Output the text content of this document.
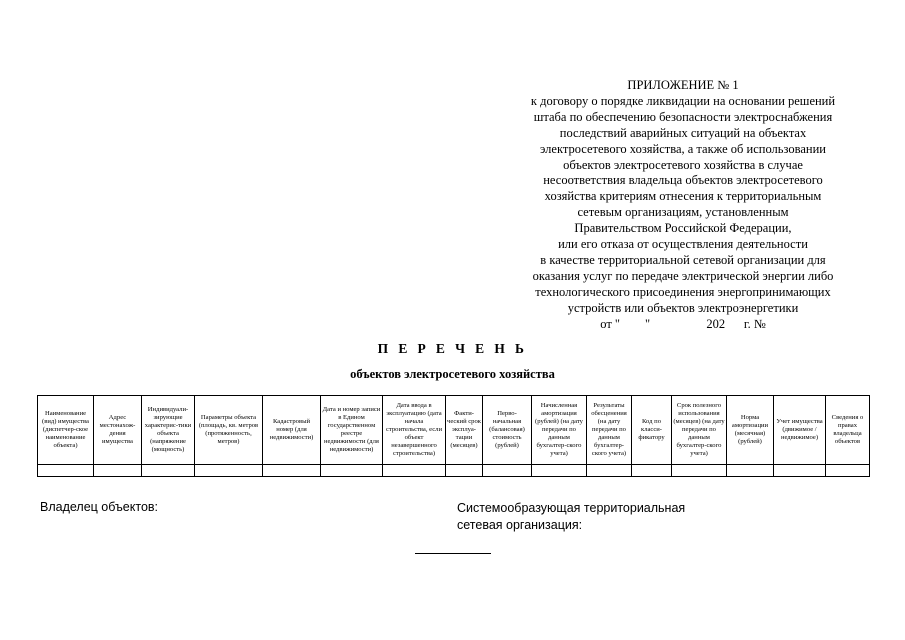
ПРИЛОЖЕНИЕ № 1
к договору о порядке ликвидации на основании решений
штаба по обеспечению безопасности электроснабжения
последствий аварийных ситуаций на объектах
электросетевого хозяйства, а также об использовании
объектов электросетевого хозяйства в случае
несоответствия владельца объектов электросетевого
хозяйства критериям отнесения к территориальным
сетевым организациям, установленным
Правительством Российской Федерации,
или его отказа от осуществления деятельности
в качестве территориальной сетевой организации для
оказания услуг по передаче электрической энергии либо
технологического присоединения энергопринимающих
устройств или объектов электроэнергетики
от "        "                  202      г. №
П Е Р Е Ч Е Н Ь
объектов электросетевого хозяйства
Наименование (вид) имущества (диспетчер-ское наименование объекта)	Адрес местонахож-дения имущества	Индивидуали-зирующие характерис-тики объекта (напряжение (мощность)	Параметры объекта (площадь, кв. метров (протяженность, метров)	Кадастровый номер (для недвижимости)	Дата и номер записи в Едином государственном реестре недвижимости (для недвижимости)	Дата ввода в эксплуатацию (дата начала строительства, если объект незавершенного строительства)	Факти-ческий срок эксплуа-тации (месяцев)	Перво-начальная (балансовая) стоимость (рублей)	Начисленная амортизация (рублей) (на дату передачи по данным бухгалтер-ского учета)	Результаты обесценения (на дату передачи по данным бухгалтер-ского учета)	Код по класси-фикатору	Срок полезного использования (месяцев) (на дату передачи по данным бухгалтер-ского учета)	Норма амортизации (месячная) (рублей)	Учет имущества (движимое / недвижимое)	Сведения о правах владельца объектов

Владелец объектов:	Системообразующая территориальная
сетевая организация:
